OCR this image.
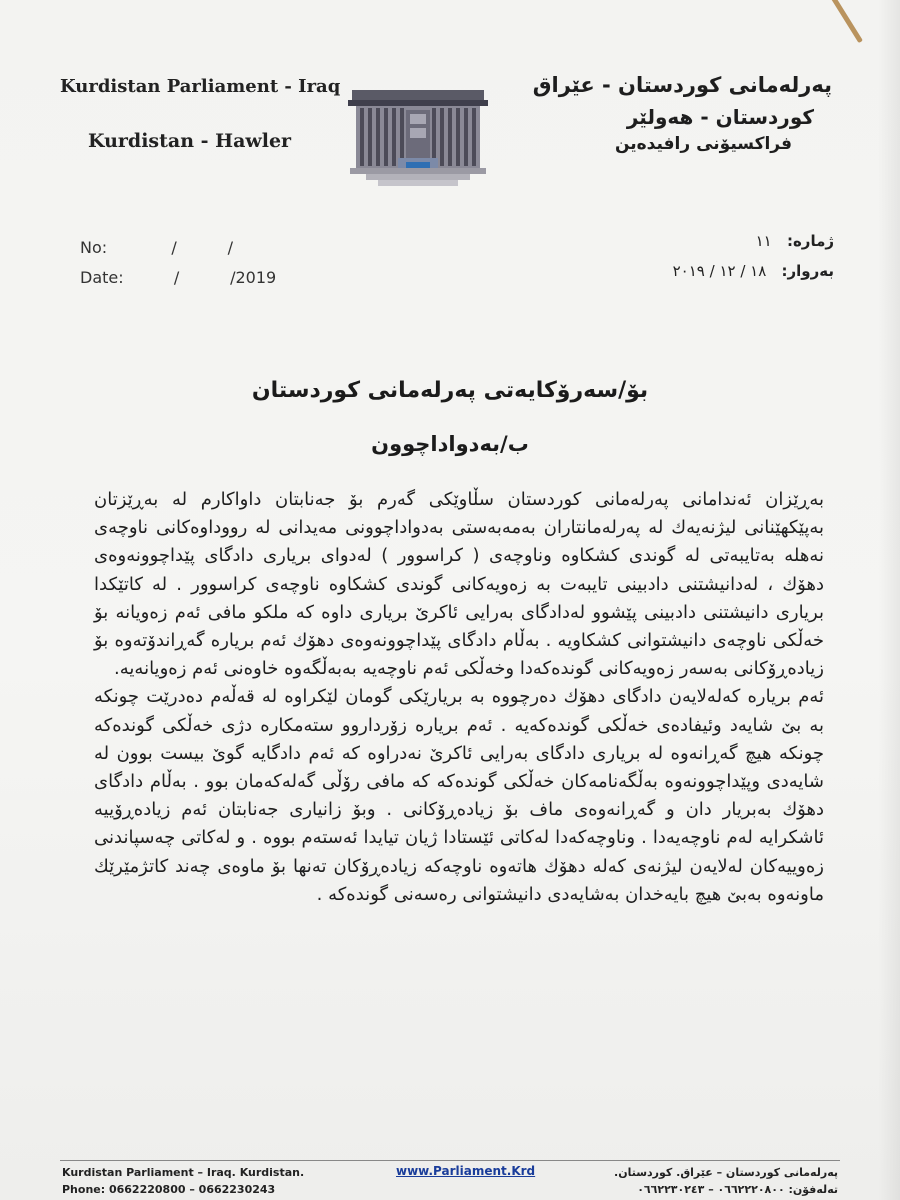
Kurdistan Parliament - Iraq
Kurdistan - Hawler
پەرلەمانی كوردستان - عێراق
كوردستان - هەولێر
فراكسیۆنی رافیدەین
No:	/          /
Date:	/          /2019
ژمارە: ١١
بەروار: ١٨ / ١٢ / ٢٠١٩
بۆ/سەرۆكایەتی پەرلەمانی كوردستان
ب/بەدواداچوون

بەڕێزان ئەندامانی پەرلەمانی كوردستان سڵاوێكی گەرم بۆ جەنابتان داواكارم لە بەڕێزتان بەپێكهێنانی لیژنەیەك لە پەرلەمانتاران بەمەبەستی بەدواداچوونی مەیدانی لە رووداوەكانی ناوچەی نەهلە بەتایبەتی لە گوندی كشكاوە وناوچەی ( كراسوور ) لەدوای بریاری دادگای پێداچوونەوەی دهۆك ، لەدانیشتنی دادبینی تایبەت بە زەویەكانی گوندی كشكاوە ناوچەی كراسوور . لە كاتێكدا بریاری دانیشتنی دادبینی پێشوو لەدادگای بەرایی ئاكرێ بریاری داوە كە ملكو مافی ئەم زەویانە بۆ خەڵكی ناوچەی دانیشتوانی كشكاویە . بەڵام دادگای پێداچوونەوەی دهۆك ئەم بریارە گەڕاندۆتەوە بۆ زیادەڕۆكانی بەسەر زەویەكانی گوندەكەدا وخەڵكی ئەم ناوچەیە بەبەڵگەوە خاوەنی ئەم زەویانەیە.

ئەم بریارە كەلەلایەن دادگای دهۆك دەرچووە بە بریارێكی گومان لێكراوە لە قەڵەم دەدرێت چونكە بە بێ شایەد وئیفادەی خەڵكی گوندەكەیە . ئەم بریارە زۆرداروو ستەمكارە دژی خەڵكی گوندەكە چونكە هیچ گەڕانەوە لە بریاری دادگای بەرایی ئاكرێ نەدراوە كە ئەم دادگایە گوێ بیست بوون لە شایەدی وپێداچوونەوە بەڵگەنامەكان خەڵكی گوندەكە كە مافی رۆڵی گەلەكەمان بوو . بەڵام دادگای دهۆك بەبریار دان و گەڕانەوەی ماف بۆ زیادەڕۆكانی . وبۆ زانیاری جەنابتان ئەم زیادەڕۆییە ئاشكرایە لەم ناوچەیەدا . وناوچەكەدا لەكاتی ئێستادا ژیان تیایدا ئەستەم بووە . و لەكاتی چەسپاندنی زەوییەكان لەلایەن لیژنەی كەلە دهۆك هاتەوە ناوچەكە زیادەڕۆكان تەنها بۆ ماوەی چەند كاتژمێرێك ماونەوە بەبێ هیچ بایەخدان بەشایەدی دانیشتوانی رەسەنی گوندەكە .

Kurdistan Parliament – Iraq. Kurdistan.
Phone: 0662220800 – 0662230243
www.Parliament.Krd	پەرلەمانی كوردستان – عێراق. كوردستان.
تەلەفۆن: ٠٦٦٢٢٢٠٨٠٠ – ٠٦٦٢٢٣٠٢٤٣
